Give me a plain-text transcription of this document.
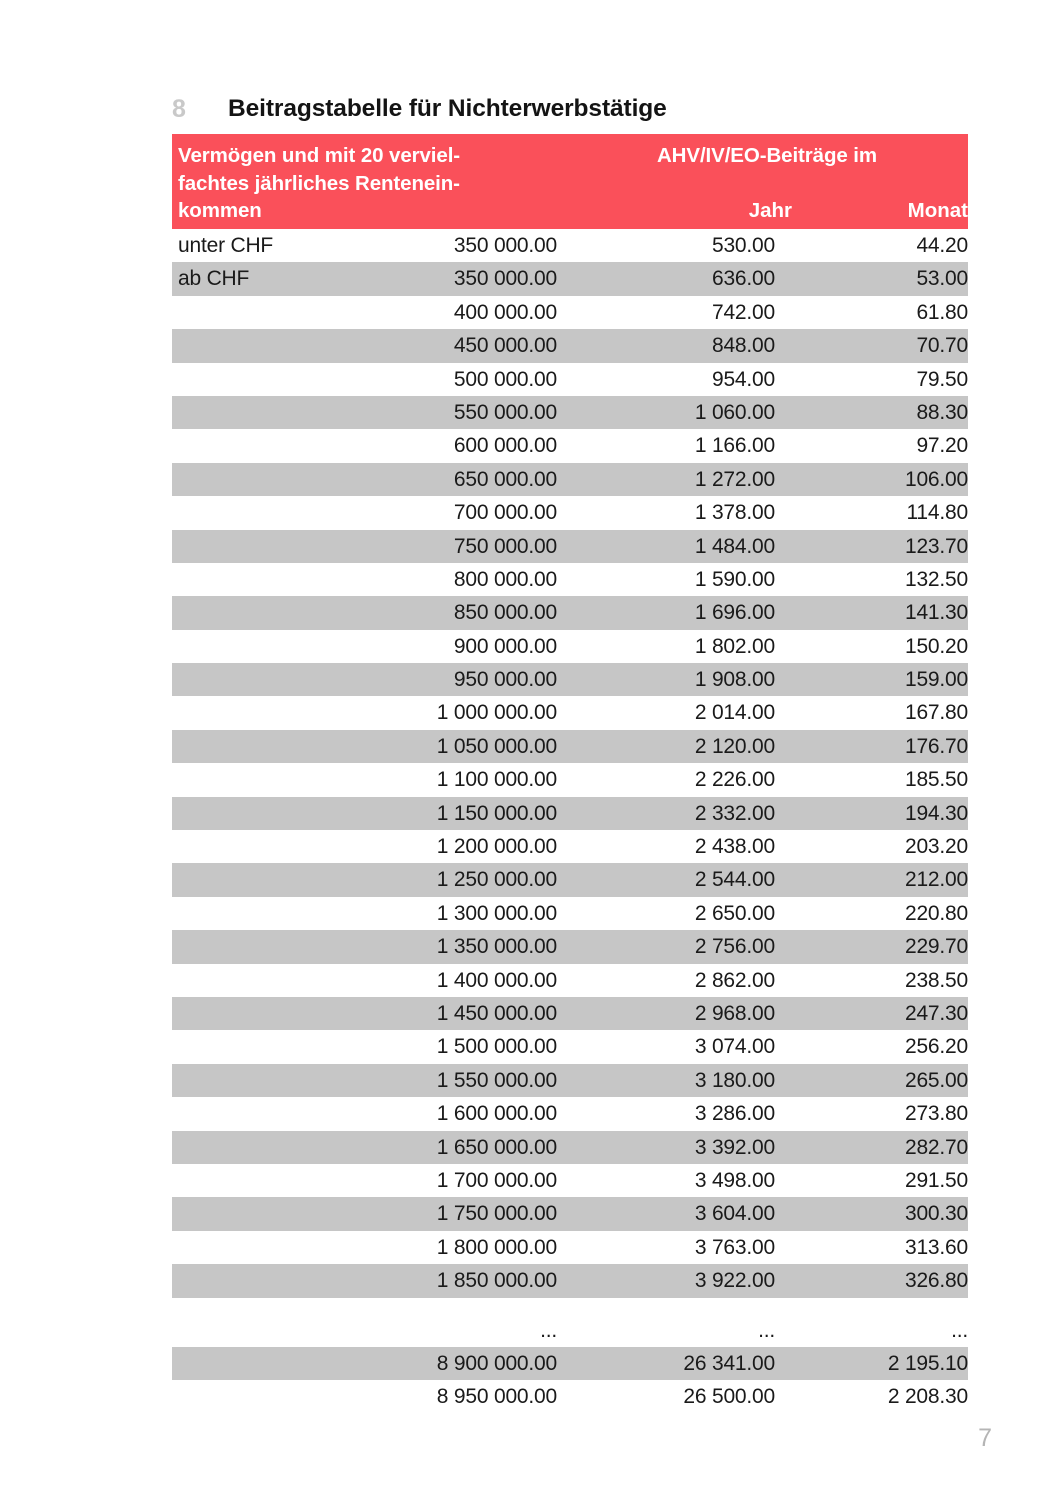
8	Beitragstabelle für Nichterwerbstätige
Vermögen und mit 20 verviel-
fachtes jährliches Rentenein-
kommen
AHV/IV/EO-Beiträge im
Jahr	Monat
unter CHF	350 000.00	530.00	44.20
ab CHF	350 000.00	636.00	53.00
400 000.00	742.00	61.80
450 000.00	848.00	70.70
500 000.00	954.00	79.50
550 000.00	1 060.00	88.30
600 000.00	1 166.00	97.20
650 000.00	1 272.00	106.00
700 000.00	1 378.00	114.80
750 000.00	1 484.00	123.70
800 000.00	1 590.00	132.50
850 000.00	1 696.00	141.30
900 000.00	1 802.00	150.20
950 000.00	1 908.00	159.00
1 000 000.00	2 014.00	167.80
1 050 000.00	2 120.00	176.70
1 100 000.00	2 226.00	185.50
1 150 000.00	2 332.00	194.30
1 200 000.00	2 438.00	203.20
1 250 000.00	2 544.00	212.00
1 300 000.00	2 650.00	220.80
1 350 000.00	2 756.00	229.70
1 400 000.00	2 862.00	238.50
1 450 000.00	2 968.00	247.30
1 500 000.00	3 074.00	256.20
1 550 000.00	3 180.00	265.00
1 600 000.00	3 286.00	273.80
1 650 000.00	3 392.00	282.70
1 700 000.00	3 498.00	291.50
1 750 000.00	3 604.00	300.30
1 800 000.00	3 763.00	313.60
1 850 000.00	3 922.00	326.80
...	...	...
8 900 000.00	26 341.00	2 195.10
8 950 000.00	26 500.00	2 208.30
7
